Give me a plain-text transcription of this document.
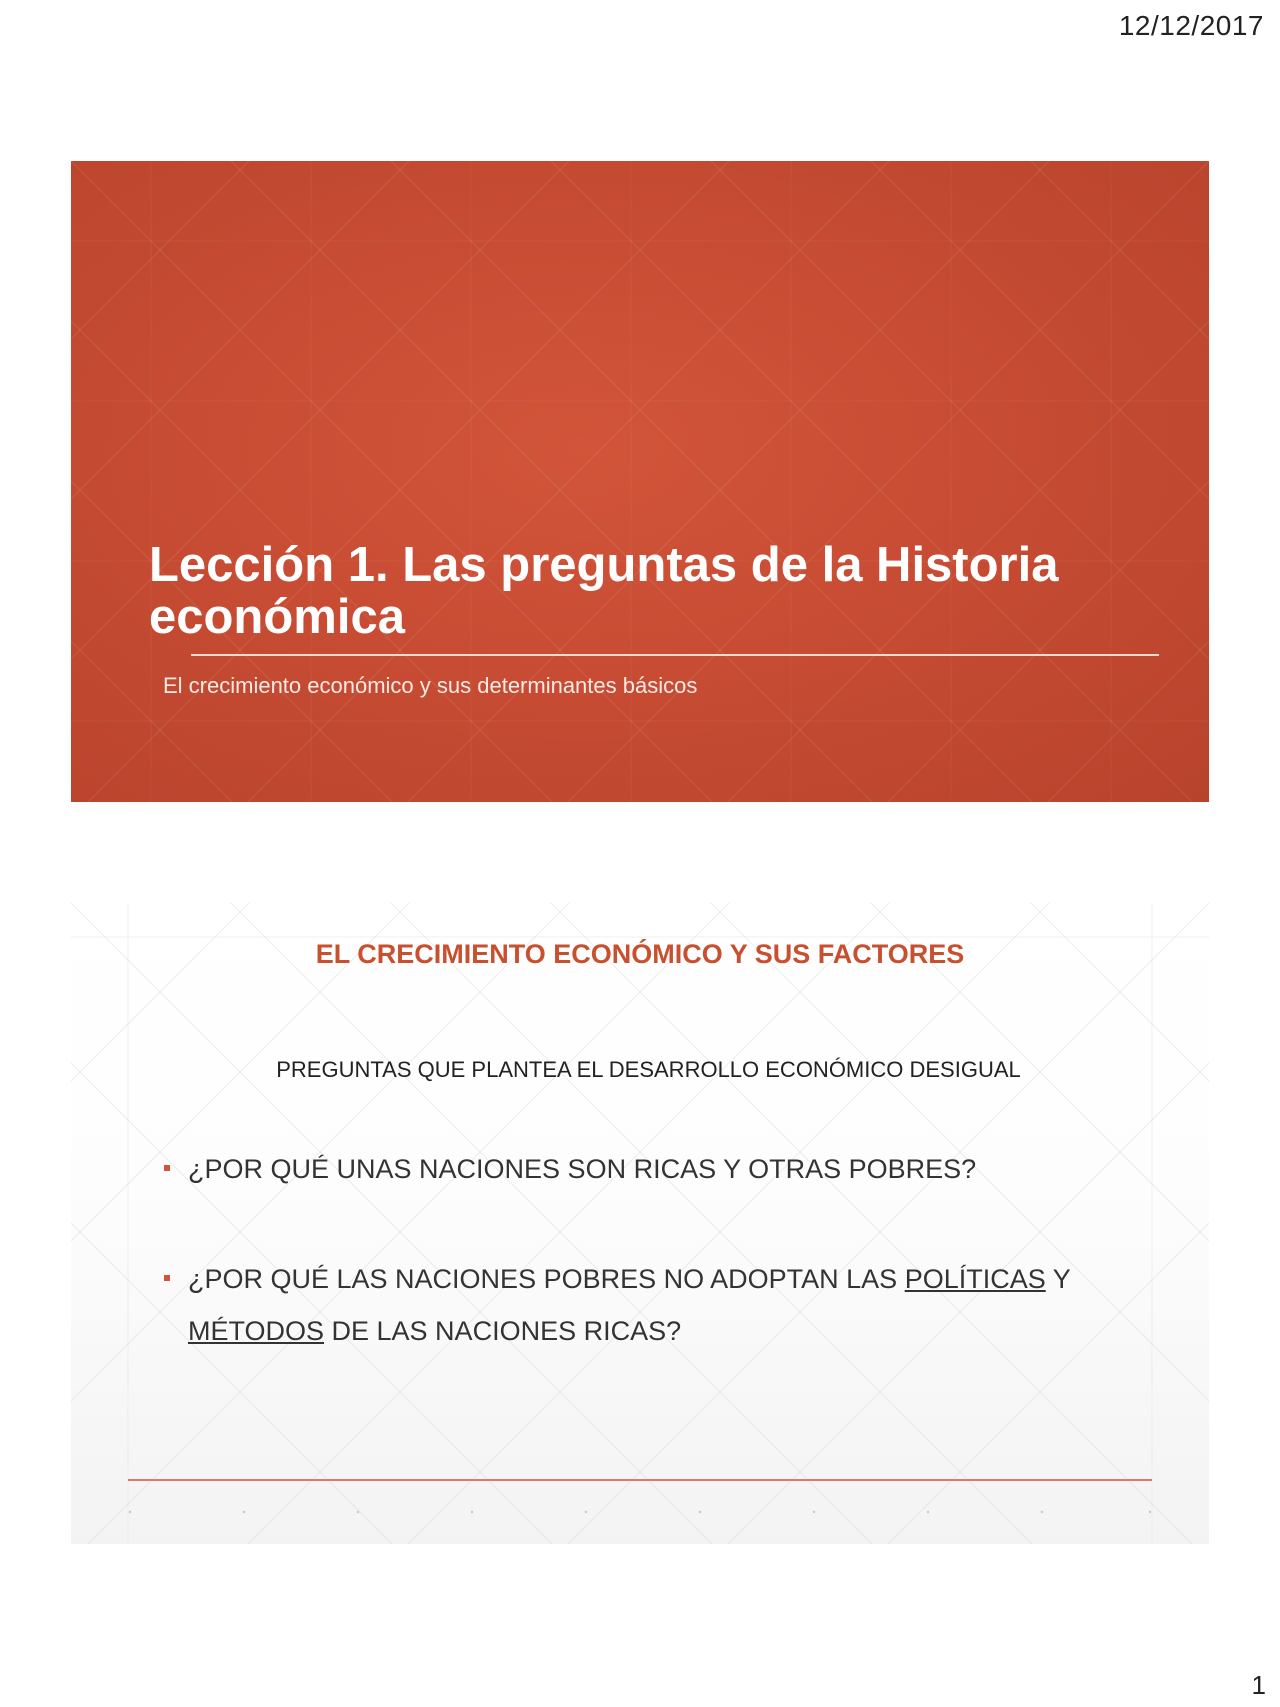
12/12/2017
Lección 1. Las preguntas de la Historia
económica
El crecimiento económico y sus determinantes básicos
EL CRECIMIENTO ECONÓMICO Y SUS FACTORES
PREGUNTAS QUE PLANTEA EL DESARROLLO ECONÓMICO DESIGUAL
¿POR QUÉ UNAS NACIONES SON RICAS Y OTRAS POBRES?
¿POR QUÉ LAS NACIONES POBRES NO ADOPTAN LAS POLÍTICAS Y MÉTODOS DE LAS NACIONES RICAS?
1
